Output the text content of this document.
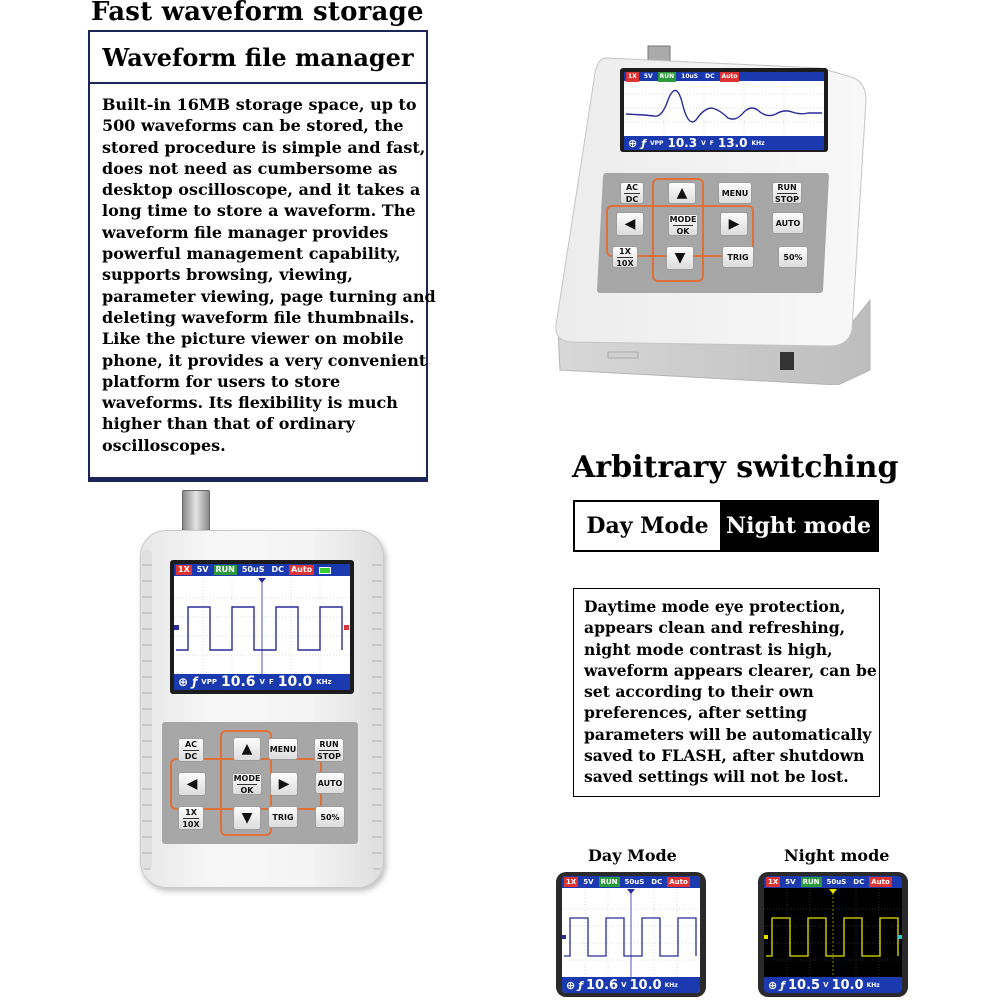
Fast waveform storage
Waveform file manager
Built-in 16MB storage space, up to
500 waveforms can be stored, the
stored procedure is simple and fast,
does not need as cumbersome as
desktop oscilloscope, and it takes a
long time to store a waveform. The
waveform file manager provides
powerful management capability,
supports browsing, viewing,
parameter viewing, page turning and
deleting waveform file thumbnails.
Like the picture viewer on mobile
phone, it provides a very convenient
platform for users to store
waveforms. Its flexibility is much
higher than that of ordinary
oscilloscopes.
1X	5V	RUN	10uS	DC	Auto
⊕ ƒ VPP 10.3 V F 13.0 KHz
AC
DC	▲	MENU
RUN
STOP
◀	MODE
OK	▶	AUTO
1X
10X	▼	TRIG	50%
Arbitrary switching
Day Mode Night mode
Daytime mode eye protection,
appears clean and refreshing,
night mode contrast is high,
waveform appears clearer, can be
set according to their own
preferences, after setting
parameters will be automatically
saved to FLASH, after shutdown
saved settings will not be lost.
1X 5V RUN 50uS DC Auto
⊕ ƒ VPP 10.6 V F 10.0 KHz
AC
DC	▲ MENU
RUN
STOP
◀	MODE
OK ▶	AUTO
1X
10X	▼	TRIG	50%
Day Mode	Night mode
1X 5V RUN 50uS DC Auto
⊕ ƒ 10.6 V 10.0 KHz
1X 5V RUN 50uS DC Auto
⊕ ƒ 10.5 V 10.0 KHz
